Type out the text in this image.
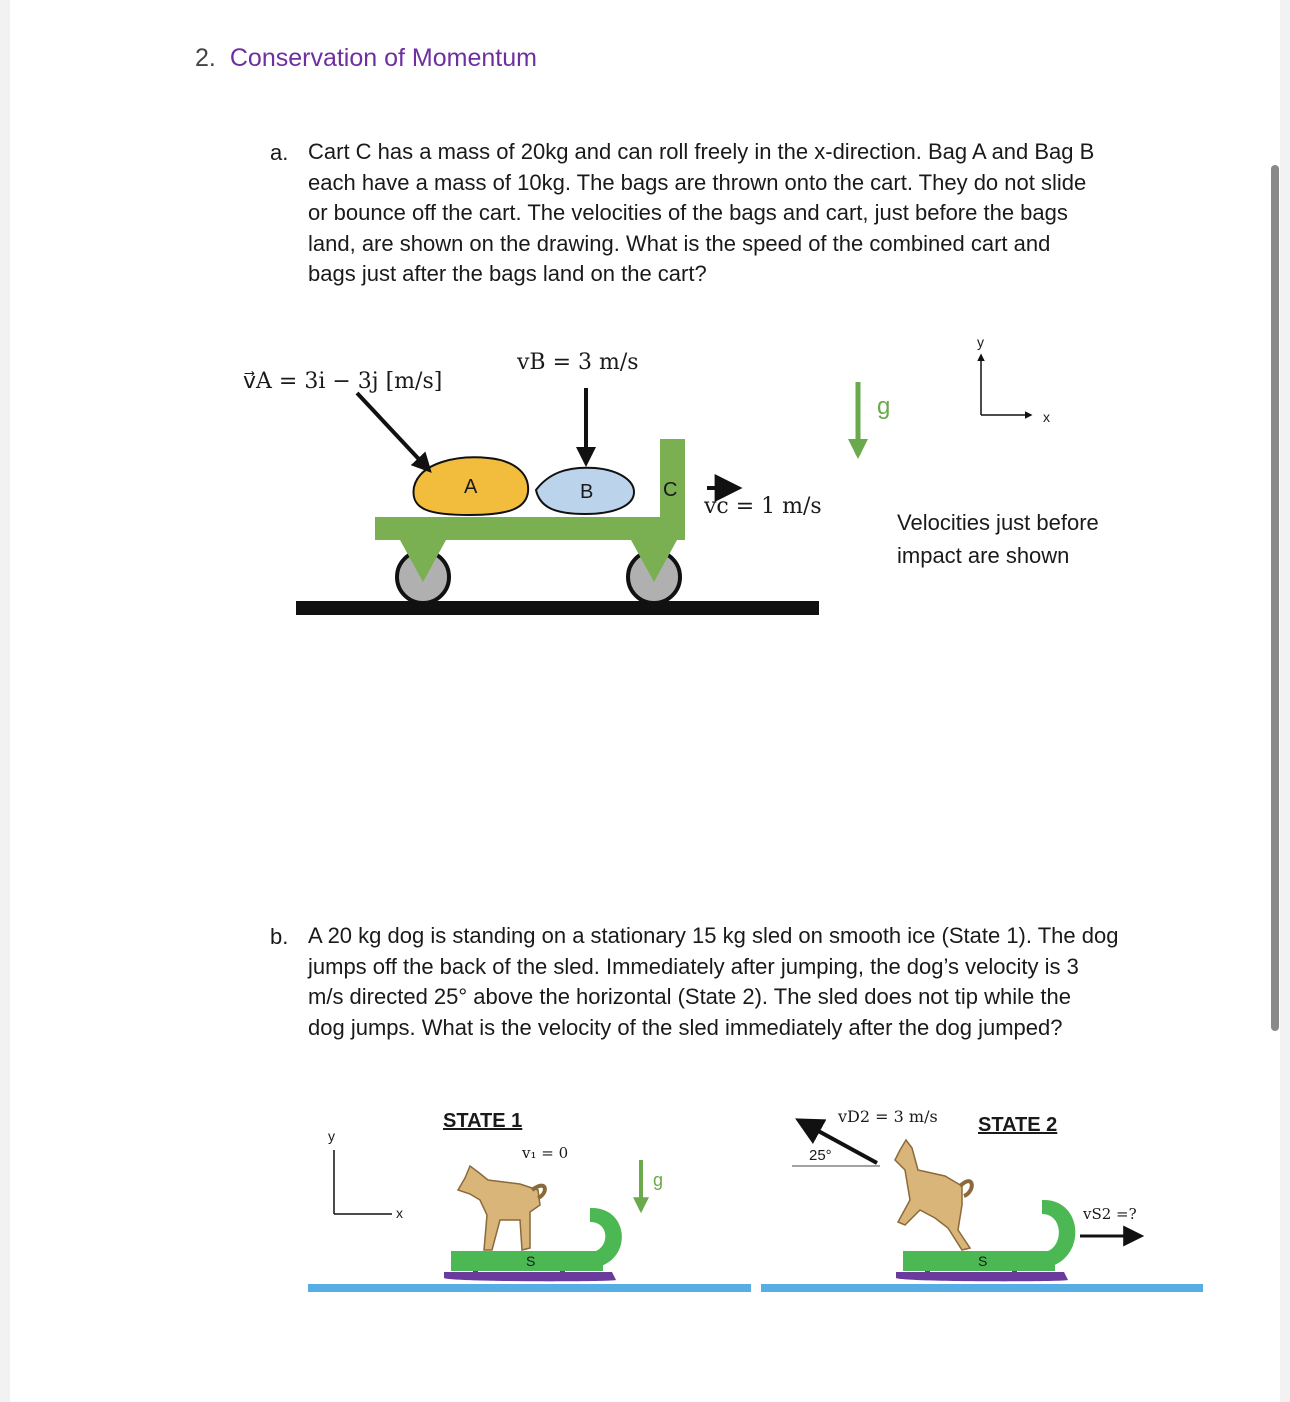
2. Conservation of Momentum
a. Cart C has a mass of 20kg and can roll freely in the x-direction. Bag A and Bag B
each have a mass of 10kg. The bags are thrown onto the cart. They do not slide
or bounce off the cart. The velocities of the bags and cart, just before the bags
land, are shown on the drawing. What is the speed of the combined cart and
bags just after the bags land on the cart?
b. A 20 kg dog is standing on a stationary 15 kg sled on smooth ice (State 1). The dog
jumps off the back of the sled. Immediately after jumping, the dog’s velocity is 3
m/s directed 25° above the horizontal (State 2). The sled does not tip while the
dog jumps. What is the velocity of the sled immediately after the dog jumped?
v⃗A = 3i − 3j [m/s]
vB = 3 m/s
vc = 1 m/s
A	B	C
g
y
x
Velocities just before
impact are shown
STATE 1	STATE 2
v₁ = 0
vD2 = 3 m/s
25°
vS2 =?
g
S	S
y
x
